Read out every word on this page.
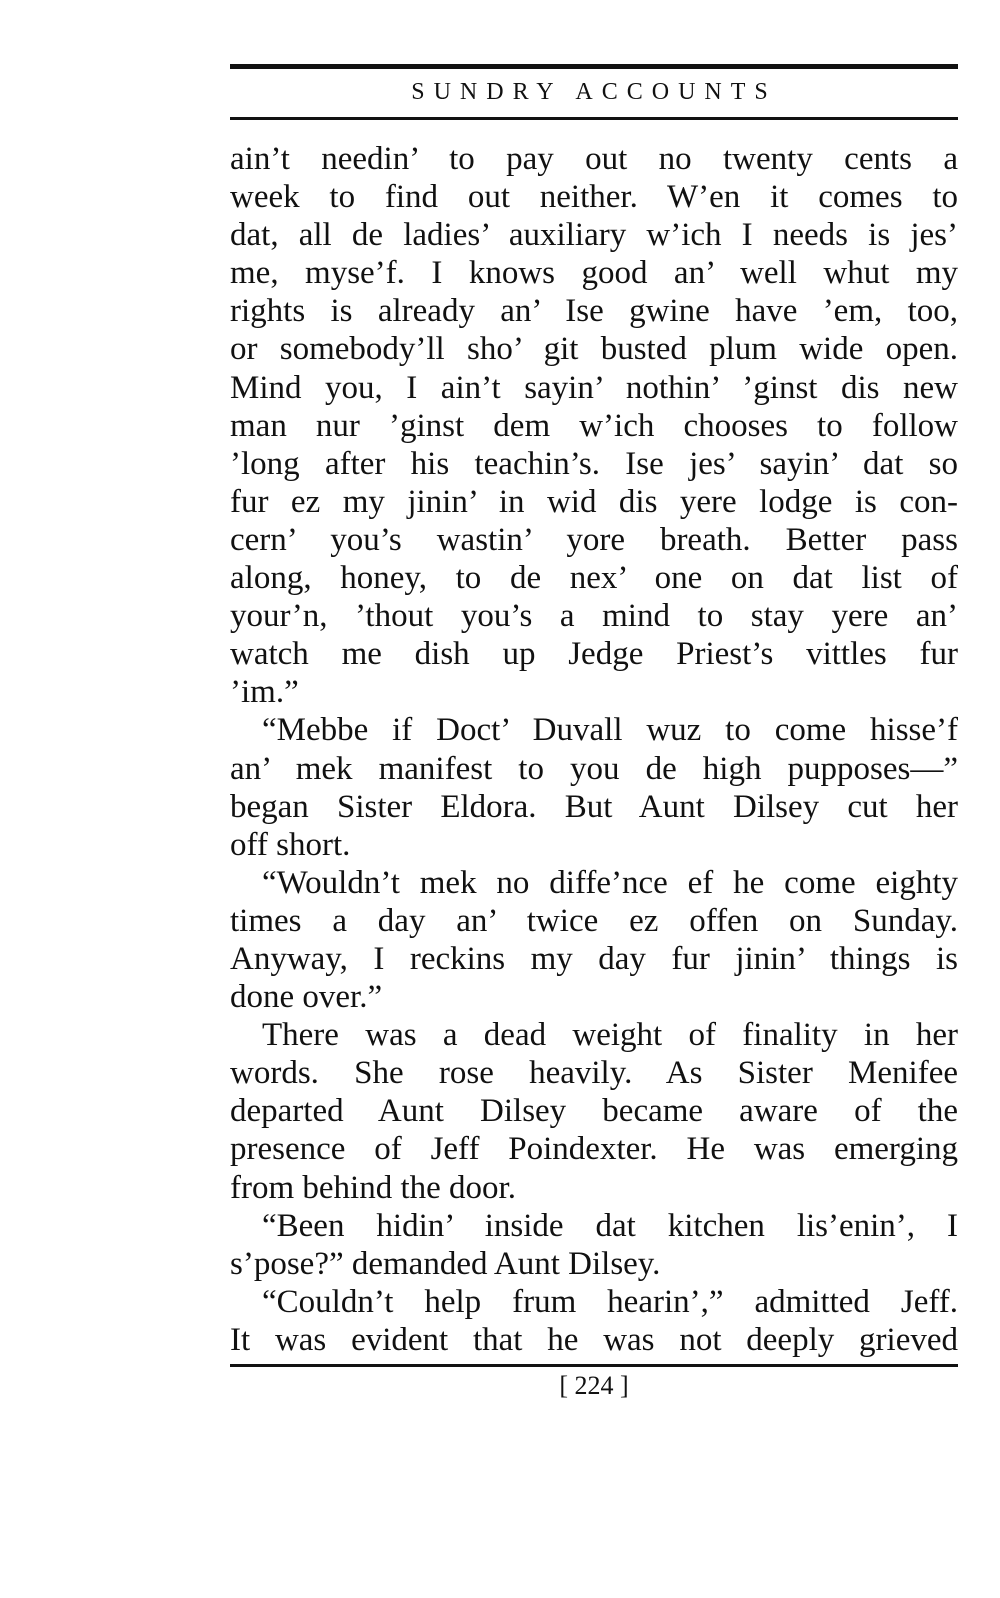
SUNDRY ACCOUNTS

ain’t needin’ to pay out no twenty cents a
week to find out neither. W’en it comes to
dat, all de ladies’ auxiliary w’ich I needs is jes’
me, myse’f. I knows good an’ well whut my
rights is already an’ Ise gwine have ’em, too,
or somebody’ll sho’ git busted plum wide open.
Mind you, I ain’t sayin’ nothin’ ’ginst dis new
man nur ’ginst dem w’ich chooses to follow
’long after his teachin’s. Ise jes’ sayin’ dat so
fur ez my jinin’ in wid dis yere lodge is con-
cern’ you’s wastin’ yore breath. Better pass
along, honey, to de nex’ one on dat list of
your’n, ’thout you’s a mind to stay yere an’
watch me dish up Jedge Priest’s vittles fur
’im.”

“Mebbe if Doct’ Duvall wuz to come hisse’f
an’ mek manifest to you de high pupposes—”
began Sister Eldora. But Aunt Dilsey cut her
off short.

“Wouldn’t mek no diffe’nce ef he come eighty
times a day an’ twice ez offen on Sunday.
Anyway, I reckins my day fur jinin’ things is
done over.”

There was a dead weight of finality in her
words. She rose heavily. As Sister Menifee
departed Aunt Dilsey became aware of the
presence of Jeff Poindexter. He was emerging
from behind the door.

“Been hidin’ inside dat kitchen lis’enin’, I
s’pose?” demanded Aunt Dilsey.

“Couldn’t help frum hearin’,” admitted Jeff.
It was evident that he was not deeply grieved

[ 224 ]
